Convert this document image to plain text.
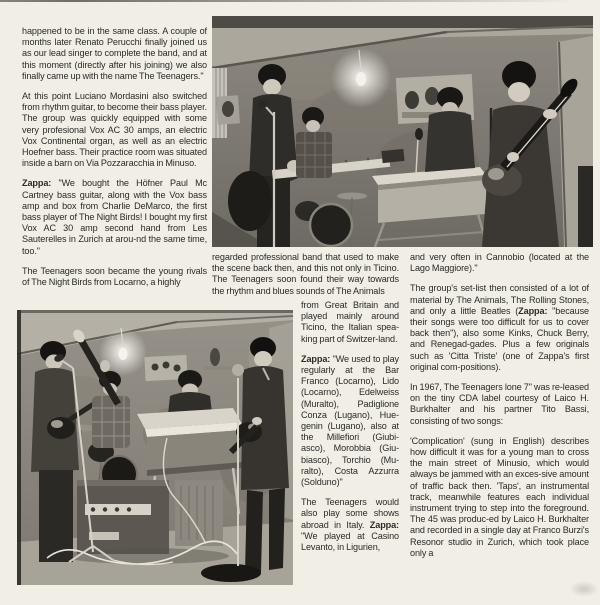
happened to be in the same class. A couple of months later Renato Perucchi finally joined us as our lead singer to complete the band, and at this moment (directly after his joining) we also finally came up with the name The Teenagers."

At this point Luciano Mordasini also switched from rhythm guitar, to become their bass player. The group was quickly equipped with some very profesional Vox AC 30 amps, an electric Vox Continental organ, as well as an electric Hoefner bass. Their practice room was situated inside a barn on Via Pozzaracchia in Minuso.

Zappa: "We bought the Höfner Paul Mc Cartney bass guitar, along with the Vox bass amp and box from Charlie DeMarco, the first bass player of The Night Birds! I bought my first Vox AC 30 amp second hand from Les Sauterelles in Zurich at arou-nd the same time, too."

The Teenagers soon became the young rivals of The Night Birds from Locarno, a highly

regarded professional band that used to make the scene back then, and this not only in Ticino. The Teenagers soon found their way towards the rhythm and blues sounds of The Animals

from Great Britain and played mainly around Ticino, the Italian spea-king part of Switzer-land.

Zappa: "We used to play regularly at the Bar Franco (Locarno), Lido (Locarno), Edelweiss (Muralto), Padiglione Conza (Lugano), Hue-genin (Lugano), also at the Millefiori (Giubi-asco), Morobbia (Giu-biasco), Torchio (Mu-ralto), Costa Azzurra (Solduno)"

The Teenagers would also play some shows abroad in Italy. Zappa: "We played at Casino Levanto, in Ligurien,

and very often in Cannobio (located at the Lago Maggiore)."

The group's set-list then consisted of a lot of material by The Animals, The Rolling Stones, and only a little Beatles (Zappa: "because their songs were too difficult for us to cover back then"), also some Kinks, Chuck Berry, and Renegad-gades. Plus a few originals such as 'Citta Triste' (one of Zappa's first original com-positions).

In 1967, The Teenagers lone 7" was re-leased on the tiny CDA label courtesy of Laico H. Burkhalter and his partner Tito Bassi, consisting of two songs:

'Complication' (sung in English) describes how difficult it was for a young man to cross the main street of Minusio, which would always be jammed with an exces-sive amount of traffic back then. 'Taps', an instrumental track, meanwhile features each individual instrument trying to step into the foreground. The 45 was produc-ed by Laico H. Burkhalter and recorded in a single day at Franco Burzi's Resonor studio in Zurich, which took place only a
